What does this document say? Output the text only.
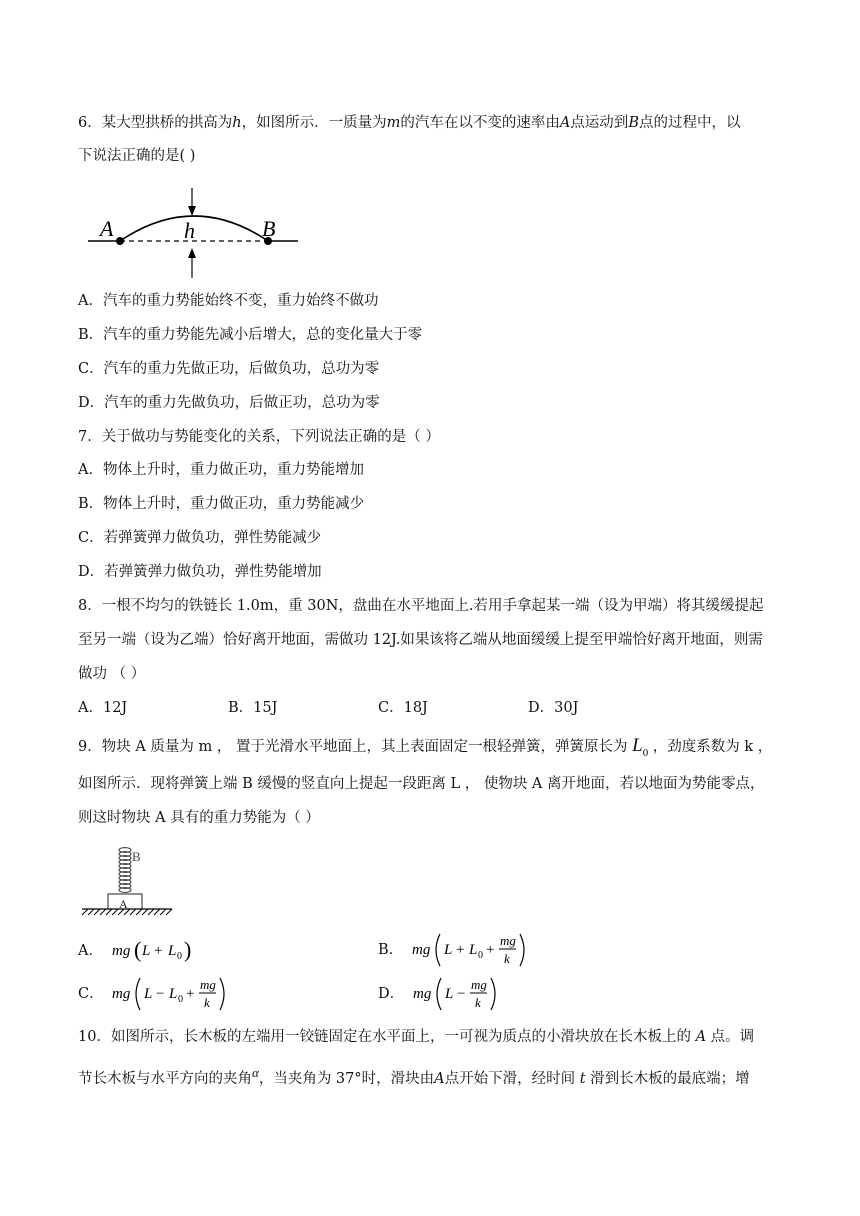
6．某大型拱桥的拱高为h，如图所示．一质量为m的汽车在以不变的速率由A点运动到B点的过程中，以
下说法正确的是( )
A	h	B
A．汽车的重力势能始终不变，重力始终不做功
B．汽车的重力势能先减小后增大，总的变化量大于零
C．汽车的重力先做正功，后做负功，总功为零
D．汽车的重力先做负功，后做正功，总功为零
7．关于做功与势能变化的关系，下列说法正确的是（ ）
A．物体上升时，重力做正功，重力势能增加
B．物体上升时，重力做正功，重力势能减少
C．若弹簧弹力做负功，弹性势能减少
D．若弹簧弹力做负功，弹性势能增加
8．一根不均匀的铁链长 1.0m，重 30N，盘曲在水平地面上.若用手拿起某一端（设为甲端）将其缓缓提起
至另一端（设为乙端）恰好离开地面，需做功 12J.如果该将乙端从地面缓缓上提至甲端恰好离开地面，则需
做功 （ ）
A．12J	B．15J	C．18J	D．30J
9．物块 A 质量为 m ， 置于光滑水平地面上，其上表面固定一根轻弹簧，弹簧原长为 $L_0$ ，劲度系数为 k ，
如图所示．现将弹簧上端 B 缓慢的竖直向上提起一段距离 L ， 使物块 A 离开地面，若以地面为势能零点，
则这时物块 A 具有的重力势能为（ ）
B
A
A． mg ( L + L 0 )	B． mg L + L 0 +
mg
k
C． mg L − L 0 +
mg
k
D． mg L −
mg
k
10．如图所示，长木板的左端用一铰链固定在水平面上，一可视为质点的小滑块放在长木板上的 A 点。调
节长木板与水平方向的夹角$^\alpha$，当夹角为 37°时，滑块由A点开始下滑，经时间 t 滑到长木板的最底端；增
